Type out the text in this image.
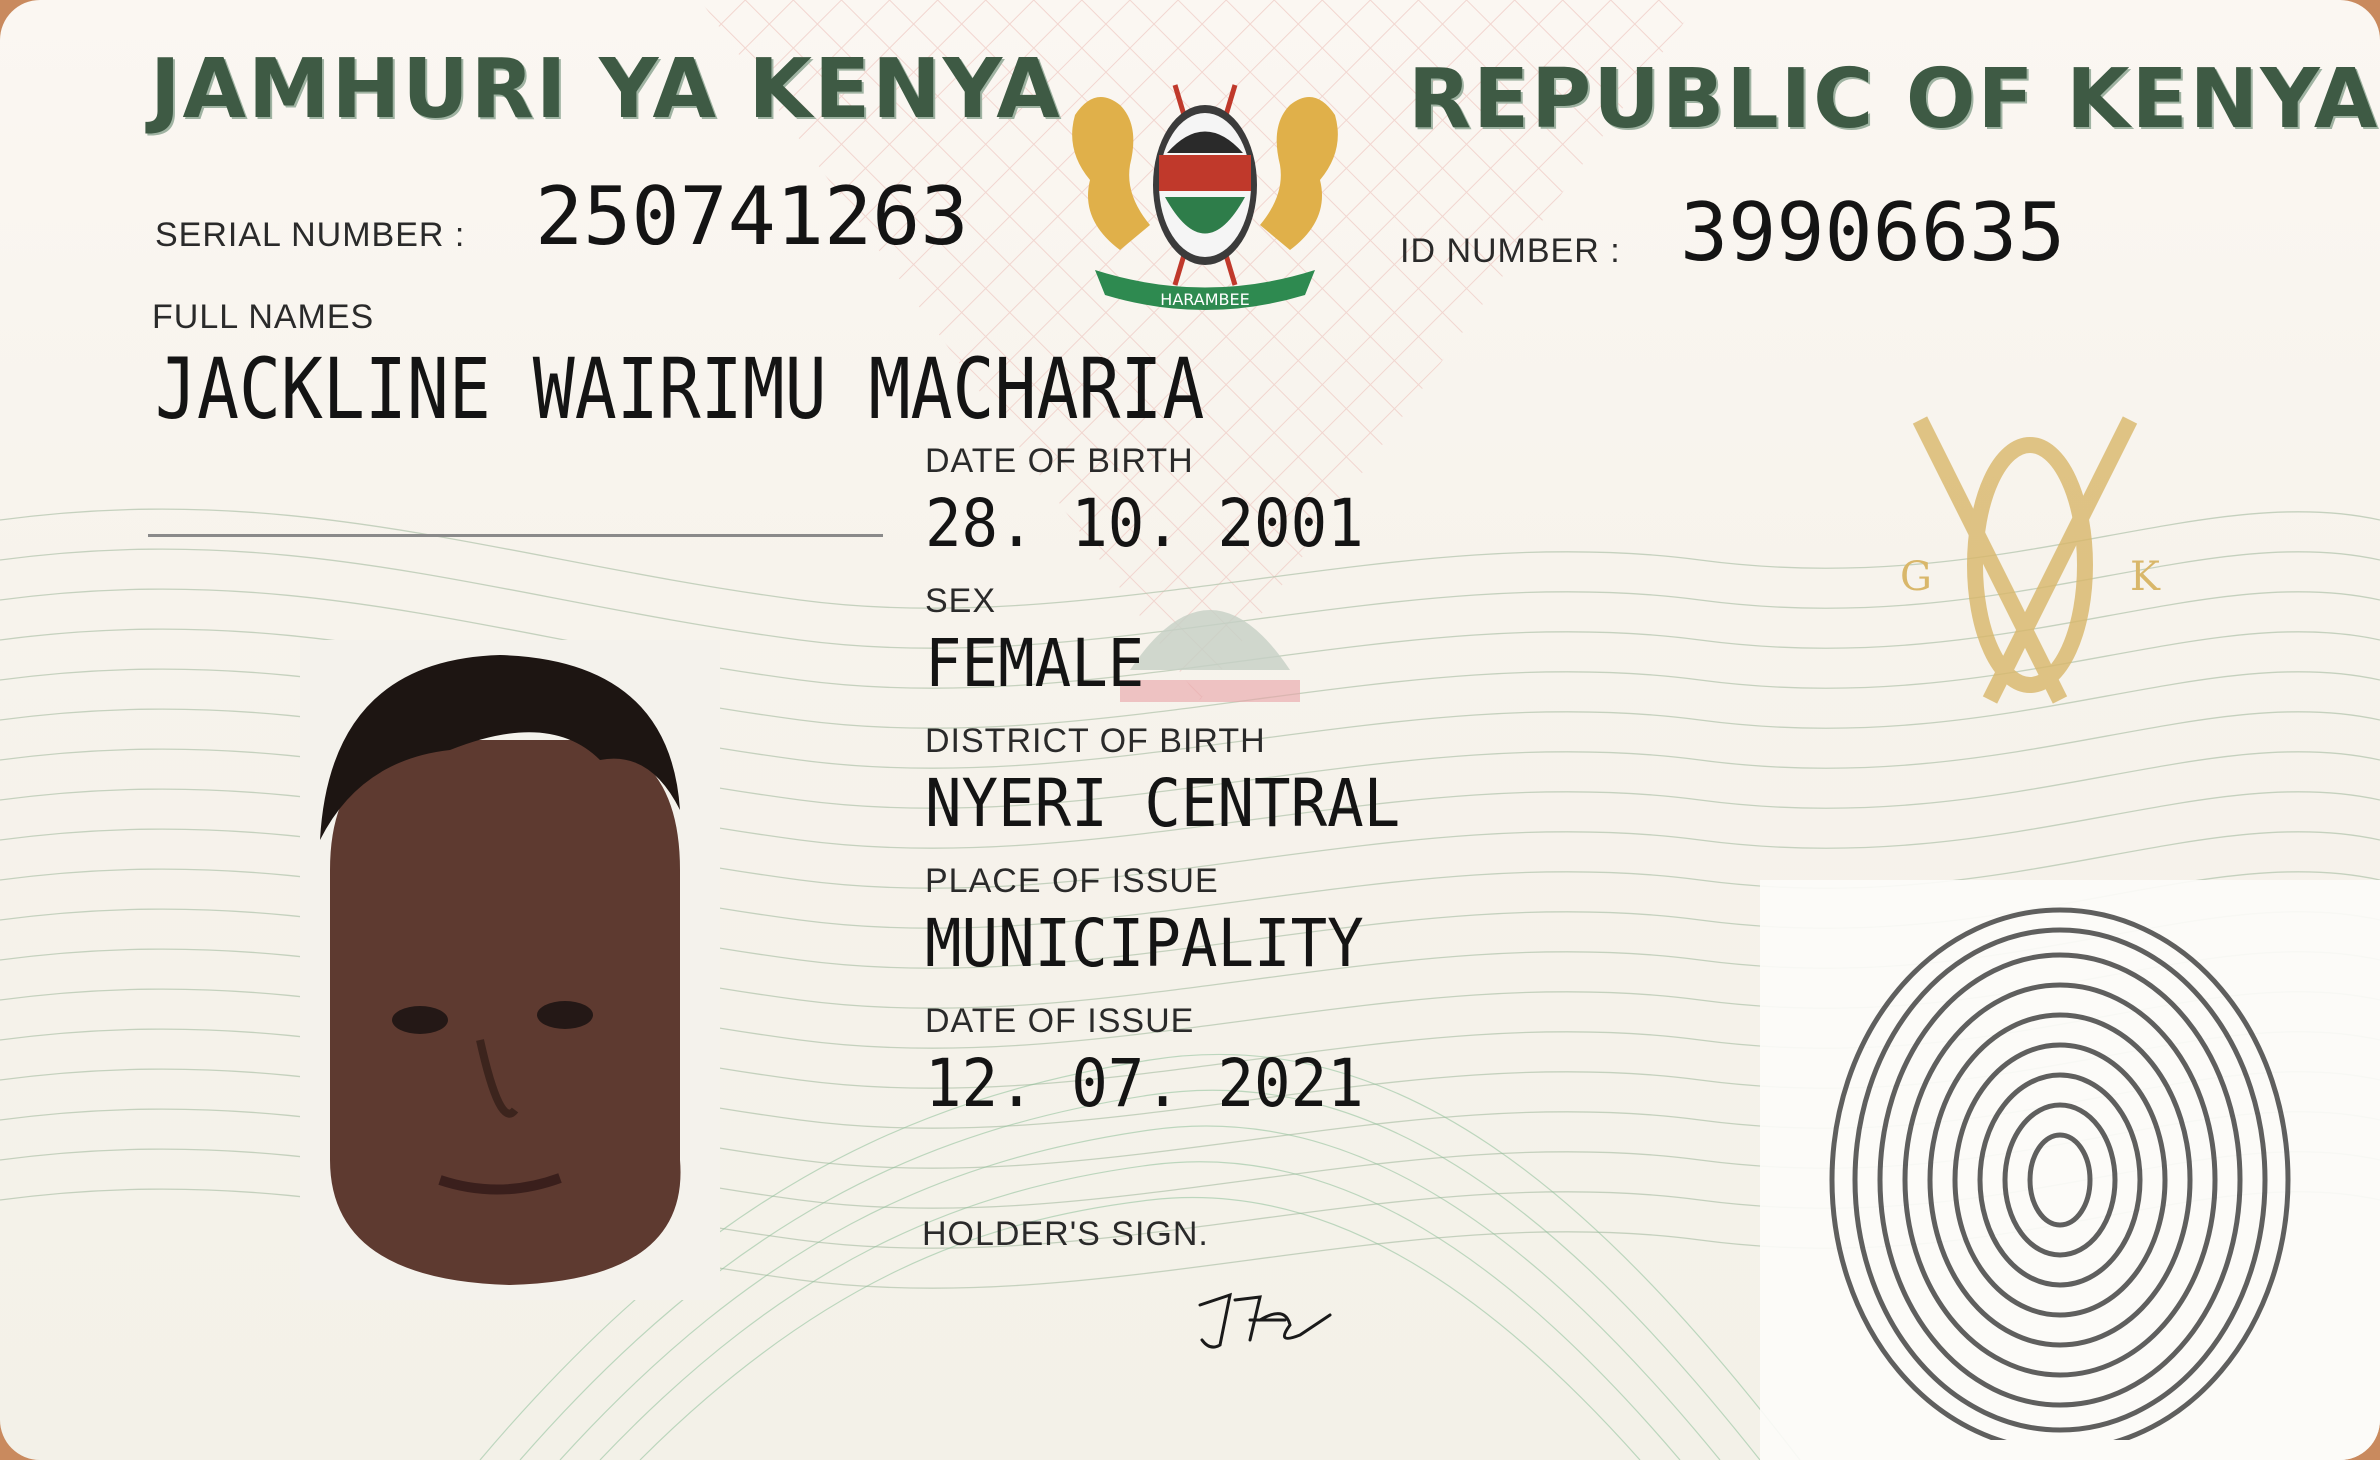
JAMHURI YA KENYA	REPUBLIC OF KENYA
HARAMBEE
SERIAL NUMBER : 250741263	ID NUMBER : 39906635
FULL NAMES
JACKLINE WAIRIMU MACHARIA
G	K
DATE OF BIRTH
28. 10. 2001
SEX
FEMALE
DISTRICT OF BIRTH
NYERI CENTRAL
PLACE OF ISSUE
MUNICIPALITY
DATE OF ISSUE
12. 07. 2021
HOLDER'S SIGN.
